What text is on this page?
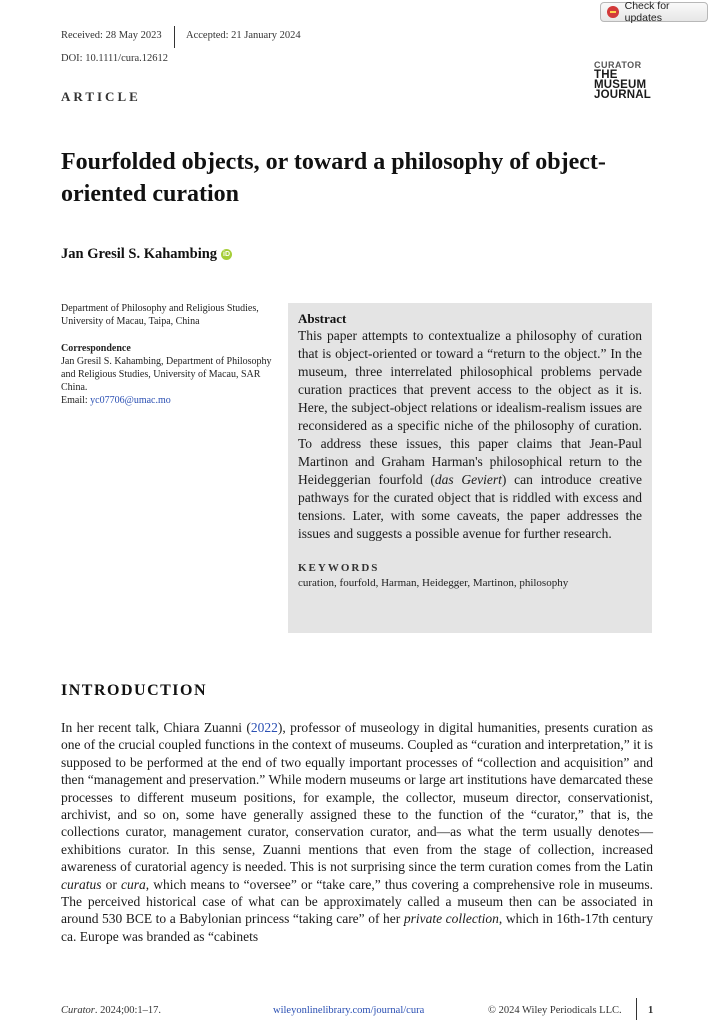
Received: 28 May 2023 Accepted: 21 January 2024
DOI: 10.1111/cura.12612
Check for updates
CURATOR
THE
MUSEUM
JOURNAL
ARTICLE
Fourfolded objects, or toward a philosophy of object-oriented curation
Jan Gresil S. Kahambing iD
Department of Philosophy and Religious Studies, University of Macau, Taipa, China
Correspondence
Jan Gresil S. Kahambing, Department of Philosophy and Religious Studies, University of Macau, SAR China.
Email: yc07706@umac.mo
Abstract
This paper attempts to contextualize a philosophy of curation that is object-oriented or toward a “return to the object.” In the museum, three interrelated philosophical problems pervade curation practices that prevent access to the object as it is. Here, the subject-object relations or idealism-realism issues are reconsidered as a specific niche of the philosophy of curation. To address these issues, this paper claims that Jean-Paul Martinon and Graham Harman's philosophical return to the Heideggerian fourfold (das Geviert) can introduce creative pathways for the curated object that is riddled with excess and tensions. Later, with some caveats, the paper addresses the issues and suggests a possible avenue for further research.
KEYWORDS
curation, fourfold, Harman, Heidegger, Martinon, philosophy
INTRODUCTION
In her recent talk, Chiara Zuanni (2022), professor of museology in digital humanities, presents curation as one of the crucial coupled functions in the context of museums. Coupled as “curation and interpretation,” it is supposed to be performed at the end of two equally important processes of “collection and acquisition” and then “management and preservation.” While modern museums or large art institutions have demarcated these processes to different museum positions, for example, the collector, museum director, conservationist, archivist, and so on, some have generally assigned these to the function of the “curator,” that is, the collections curator, management curator, conservation curator, and—as what the term usually denotes—exhibitions curator. In this sense, Zuanni mentions that even from the stage of collection, increased awareness of curatorial agency is needed. This is not surprising since the term curation comes from the Latin curatus or cura, which means to “oversee” or “take care,” thus covering a comprehensive role in museums. The perceived historical case of what can be approximately called a museum then can be associated in around 530 BCE to a Babylonian princess “taking care” of her private collection, which in 16th-17th century ca. Europe was branded as “cabinets
Curator. 2024;00:1–17.	wileyonlinelibrary.com/journal/cura	© 2024 Wiley Periodicals LLC.	1
